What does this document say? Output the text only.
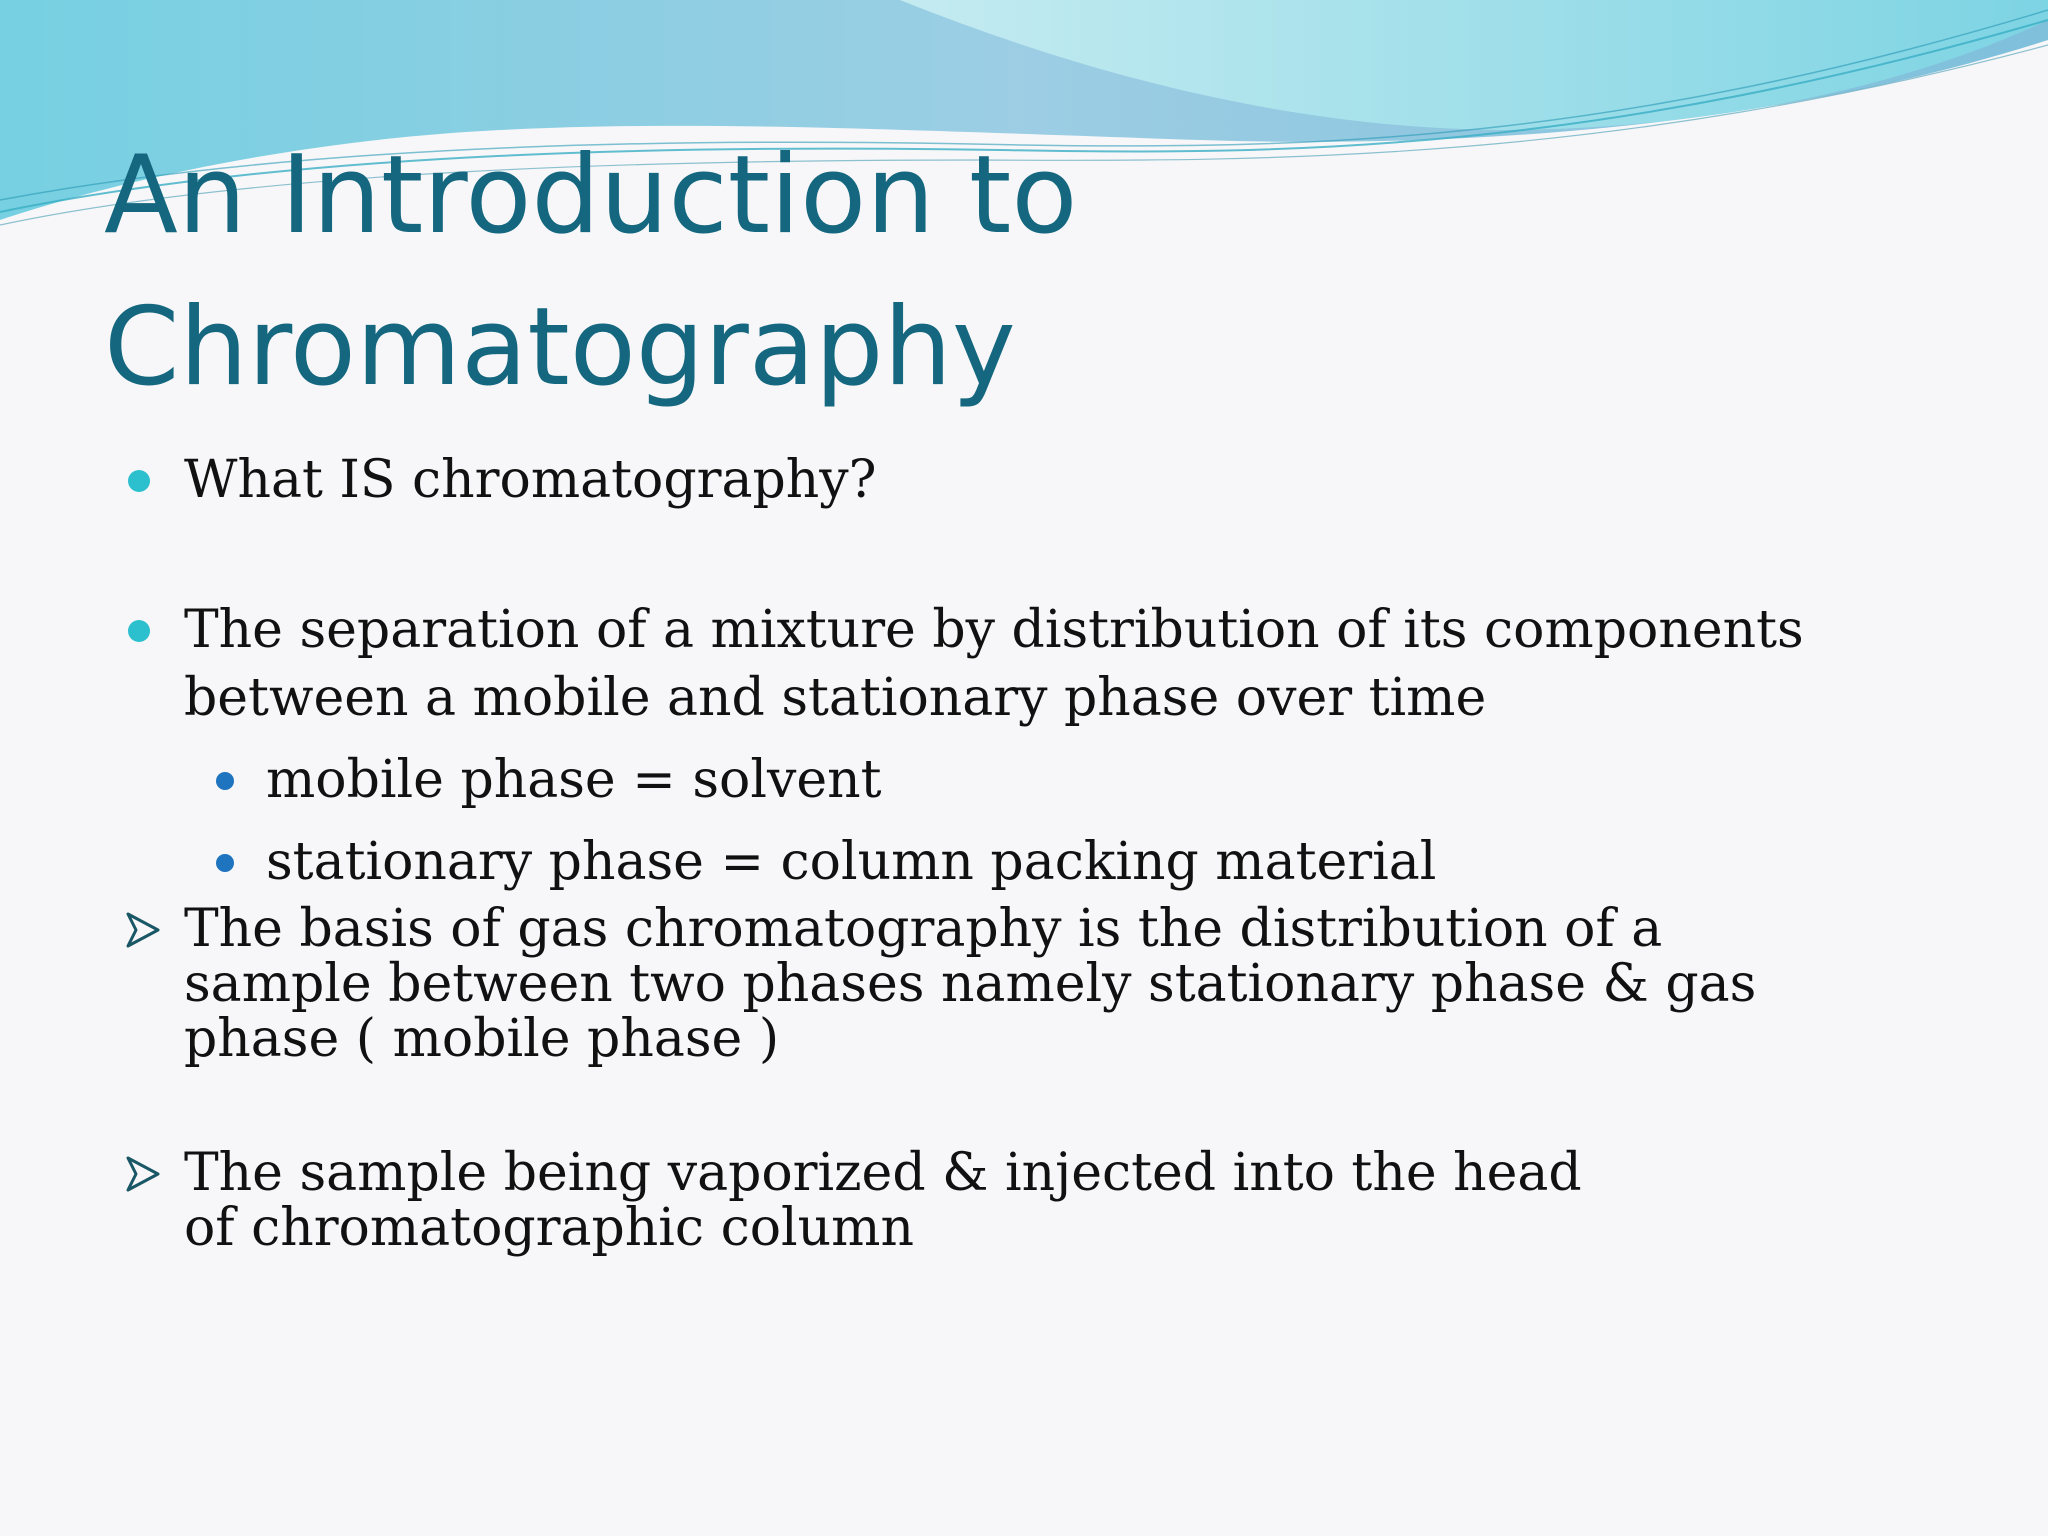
An Introduction to
Chromatography
What IS chromatography?
The separation of a mixture by distribution of its components between a mobile and stationary phase over time
mobile phase = solvent
stationary phase = column packing material
The basis of gas chromatography is the distribution of a sample between two phases namely stationary phase & gas phase ( mobile phase )
The sample being vaporized & injected into the head of chromatographic column
